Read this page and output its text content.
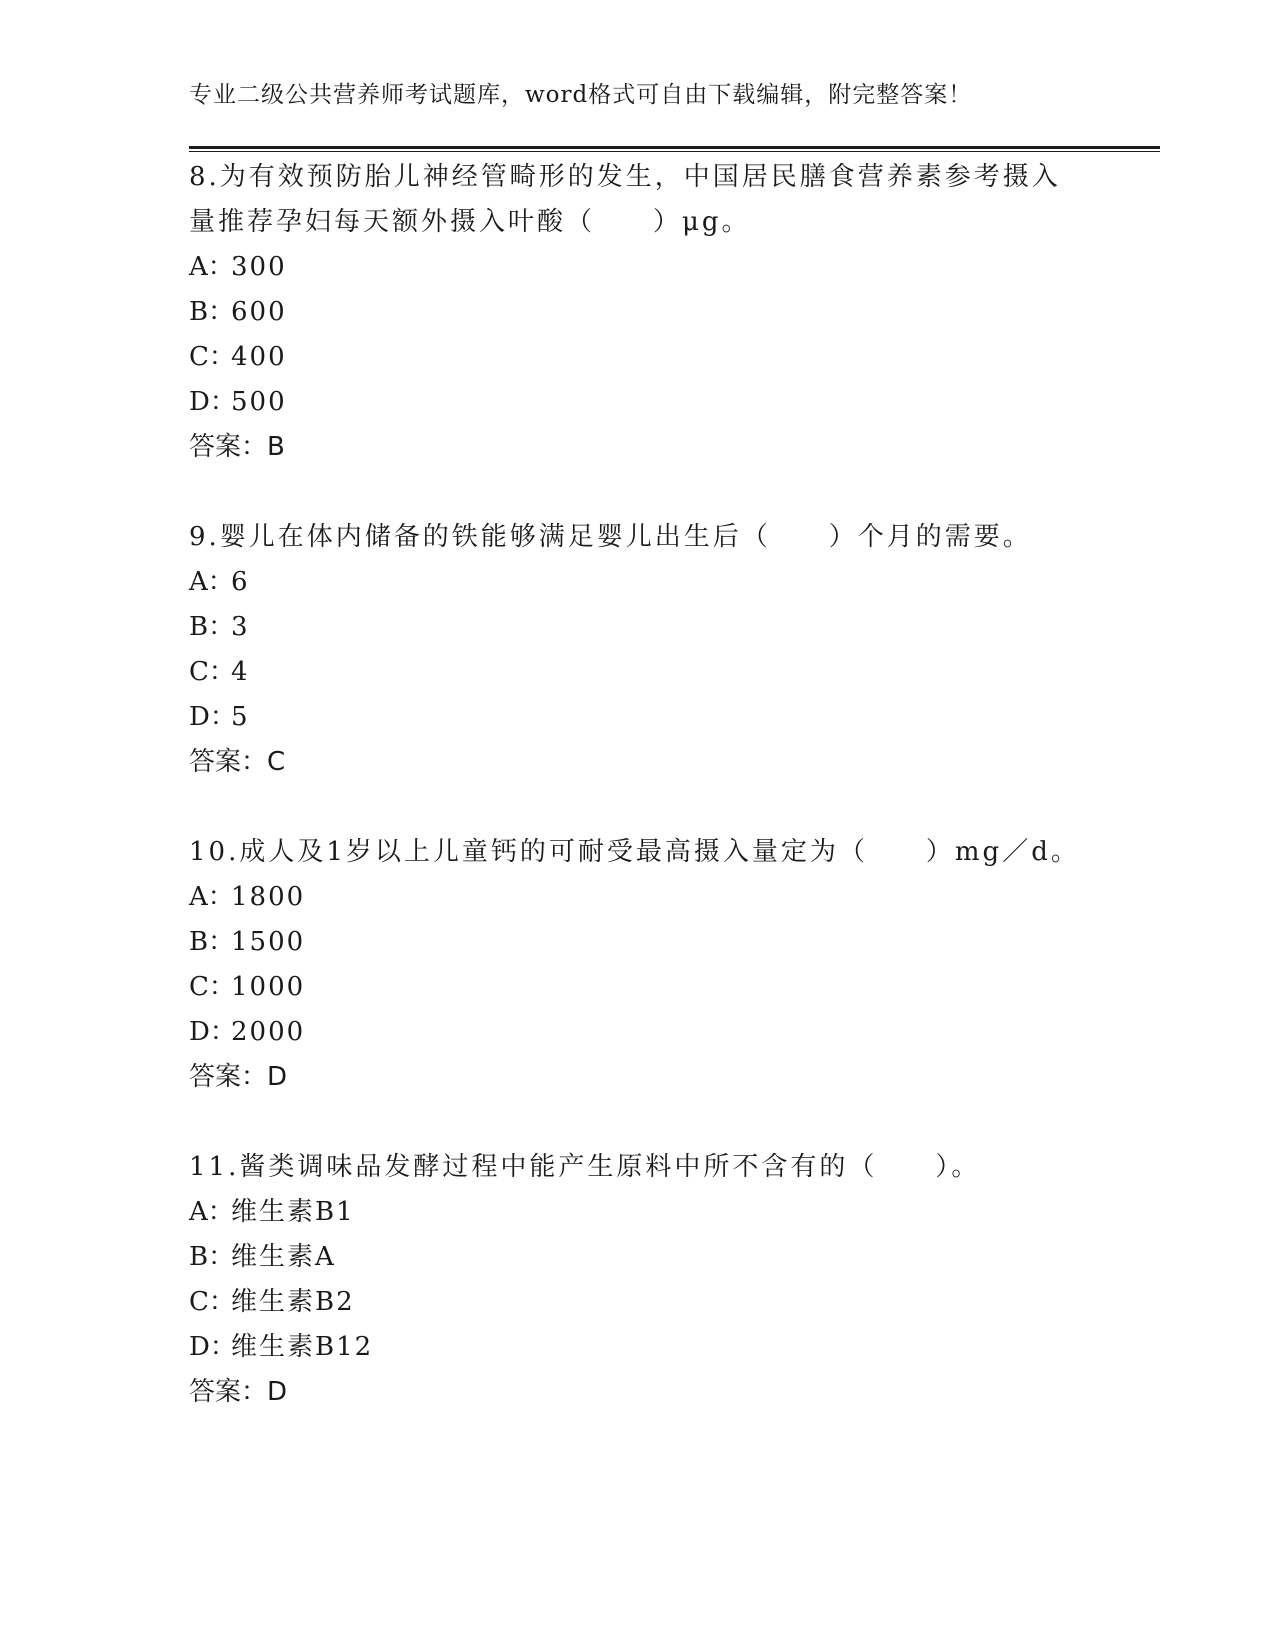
专业二级公共营养师考试题库，word格式可自由下载编辑，附完整答案！
8.为有效预防胎儿神经管畸形的发生，中国居民膳食营养素参考摄入
量推荐孕妇每天额外摄入叶酸（　　）μg。
A：300
B：600
C：400
D：500
答案：B
9.婴儿在体内储备的铁能够满足婴儿出生后（　　）个月的需要。
A：6
B：3
C：4
D：5
答案：C
10.成人及1岁以上儿童钙的可耐受最高摄入量定为（　　）mg／d。
A：1800
B：1500
C：1000
D：2000
答案：D
11.酱类调味品发酵过程中能产生原料中所不含有的（　　）。
A：维生素B1
B：维生素A
C：维生素B2
D：维生素B12
答案：D
